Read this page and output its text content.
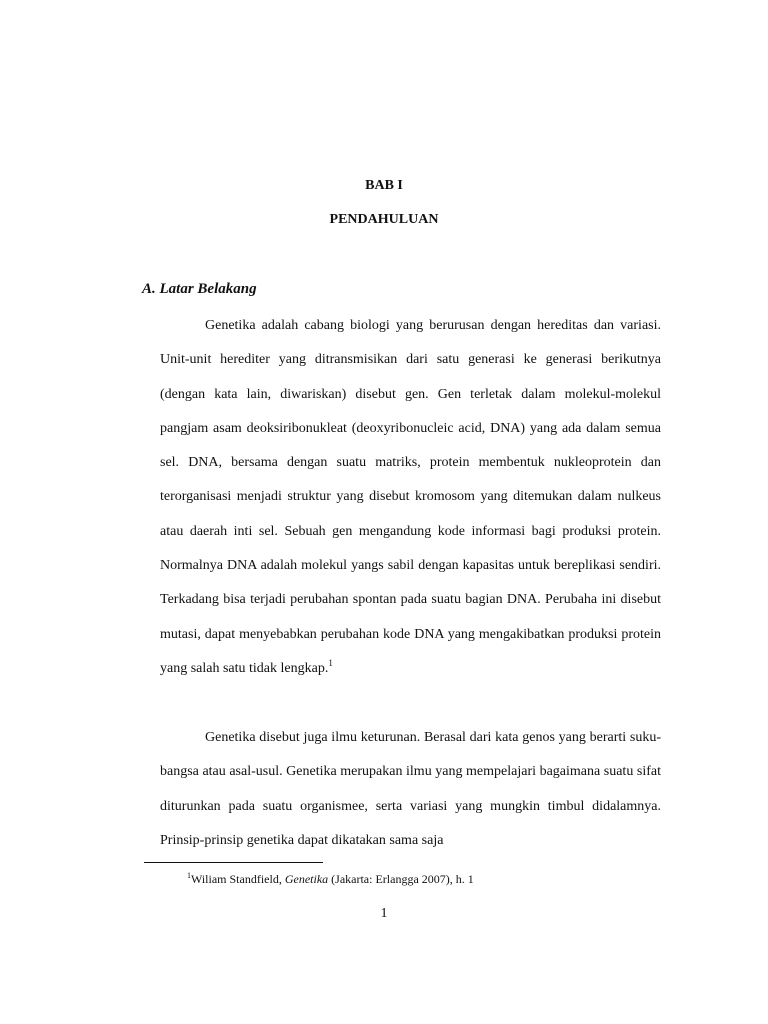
BAB I
PENDAHULUAN
A. Latar Belakang

Genetika adalah cabang biologi yang berurusan dengan hereditas dan variasi. Unit-unit herediter yang ditransmisikan dari satu generasi ke generasi berikutnya (dengan kata lain, diwariskan) disebut gen. Gen terletak dalam molekul-molekul pangjam asam deoksiribonukleat (deoxyribonucleic acid, DNA) yang ada dalam semua sel. DNA, bersama dengan suatu matriks, protein membentuk nukleoprotein dan terorganisasi menjadi struktur yang disebut kromosom yang ditemukan dalam nulkeus atau daerah inti sel. Sebuah gen mengandung kode informasi bagi produksi protein. Normalnya DNA adalah molekul yangs sabil dengan kapasitas untuk bereplikasi sendiri. Terkadang bisa terjadi perubahan spontan pada suatu bagian DNA. Perubaha ini disebut mutasi, dapat menyebabkan perubahan kode DNA yang mengakibatkan produksi protein yang salah satu tidak lengkap.$^1$

Genetika disebut juga ilmu keturunan. Berasal dari kata genos yang berarti suku-bangsa atau asal-usul. Genetika merupakan ilmu yang mempelajari bagaimana suatu sifat diturunkan pada suatu organismee, serta variasi yang mungkin timbul didalamnya. Prinsip-prinsip genetika dapat dikatakan sama saja

$^1$Wiliam Standfield, Genetika (Jakarta: Erlangga 2007), h. 1
1
